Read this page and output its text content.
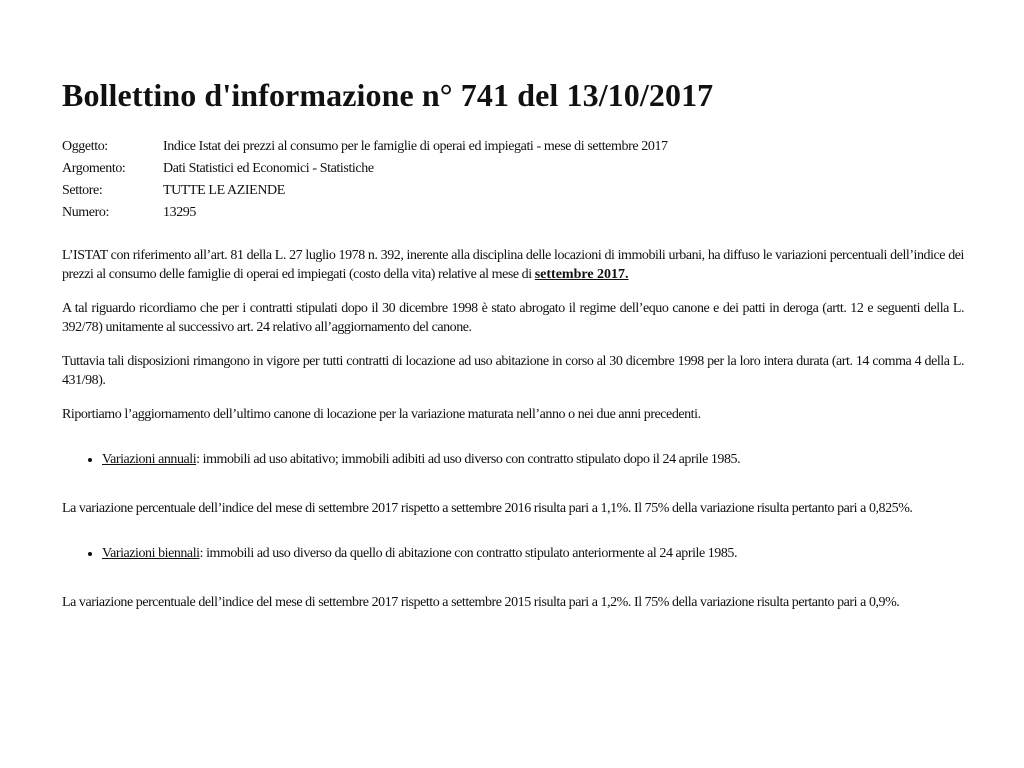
Bollettino d'informazione n° 741 del 13/10/2017
Oggetto:	Indice Istat dei prezzi al consumo per le famiglie di operai ed impiegati - mese di settembre 2017
Argomento:	Dati Statistici ed Economici - Statistiche
Settore:	TUTTE LE AZIENDE
Numero:	13295

L’ISTAT con riferimento all’art. 81 della L. 27 luglio 1978 n. 392, inerente alla disciplina delle locazioni di immobili urbani, ha diffuso le variazioni percentuali dell’indice dei prezzi al consumo delle famiglie di operai ed impiegati (costo della vita) relative al mese di settembre 2017.

A tal riguardo ricordiamo che per i contratti stipulati dopo il 30 dicembre 1998 è stato abrogato il regime dell’equo canone e dei patti in deroga (artt. 12 e seguenti della L. 392/78) unitamente al successivo art. 24 relativo all’aggiornamento del canone.

Tuttavia tali disposizioni rimangono in vigore per tutti contratti di locazione ad uso abitazione in corso al 30 dicembre 1998 per la loro intera durata (art. 14 comma 4 della L. 431/98).

Riportiamo l’aggiornamento dell’ultimo canone di locazione per la variazione maturata nell’anno o nei due anni precedenti.

• Variazioni annuali: immobili ad uso abitativo; immobili adibiti ad uso diverso con contratto stipulato dopo il 24 aprile 1985.

La variazione percentuale dell’indice del mese di settembre 2017 rispetto a settembre 2016 risulta pari a 1,1%. Il 75% della variazione risulta pertanto pari a 0,825%.

• Variazioni biennali: immobili ad uso diverso da quello di abitazione con contratto stipulato anteriormente al 24 aprile 1985.

La variazione percentuale dell’indice del mese di settembre 2017 rispetto a settembre 2015 risulta pari a 1,2%. Il 75% della variazione risulta pertanto pari a 0,9%.
